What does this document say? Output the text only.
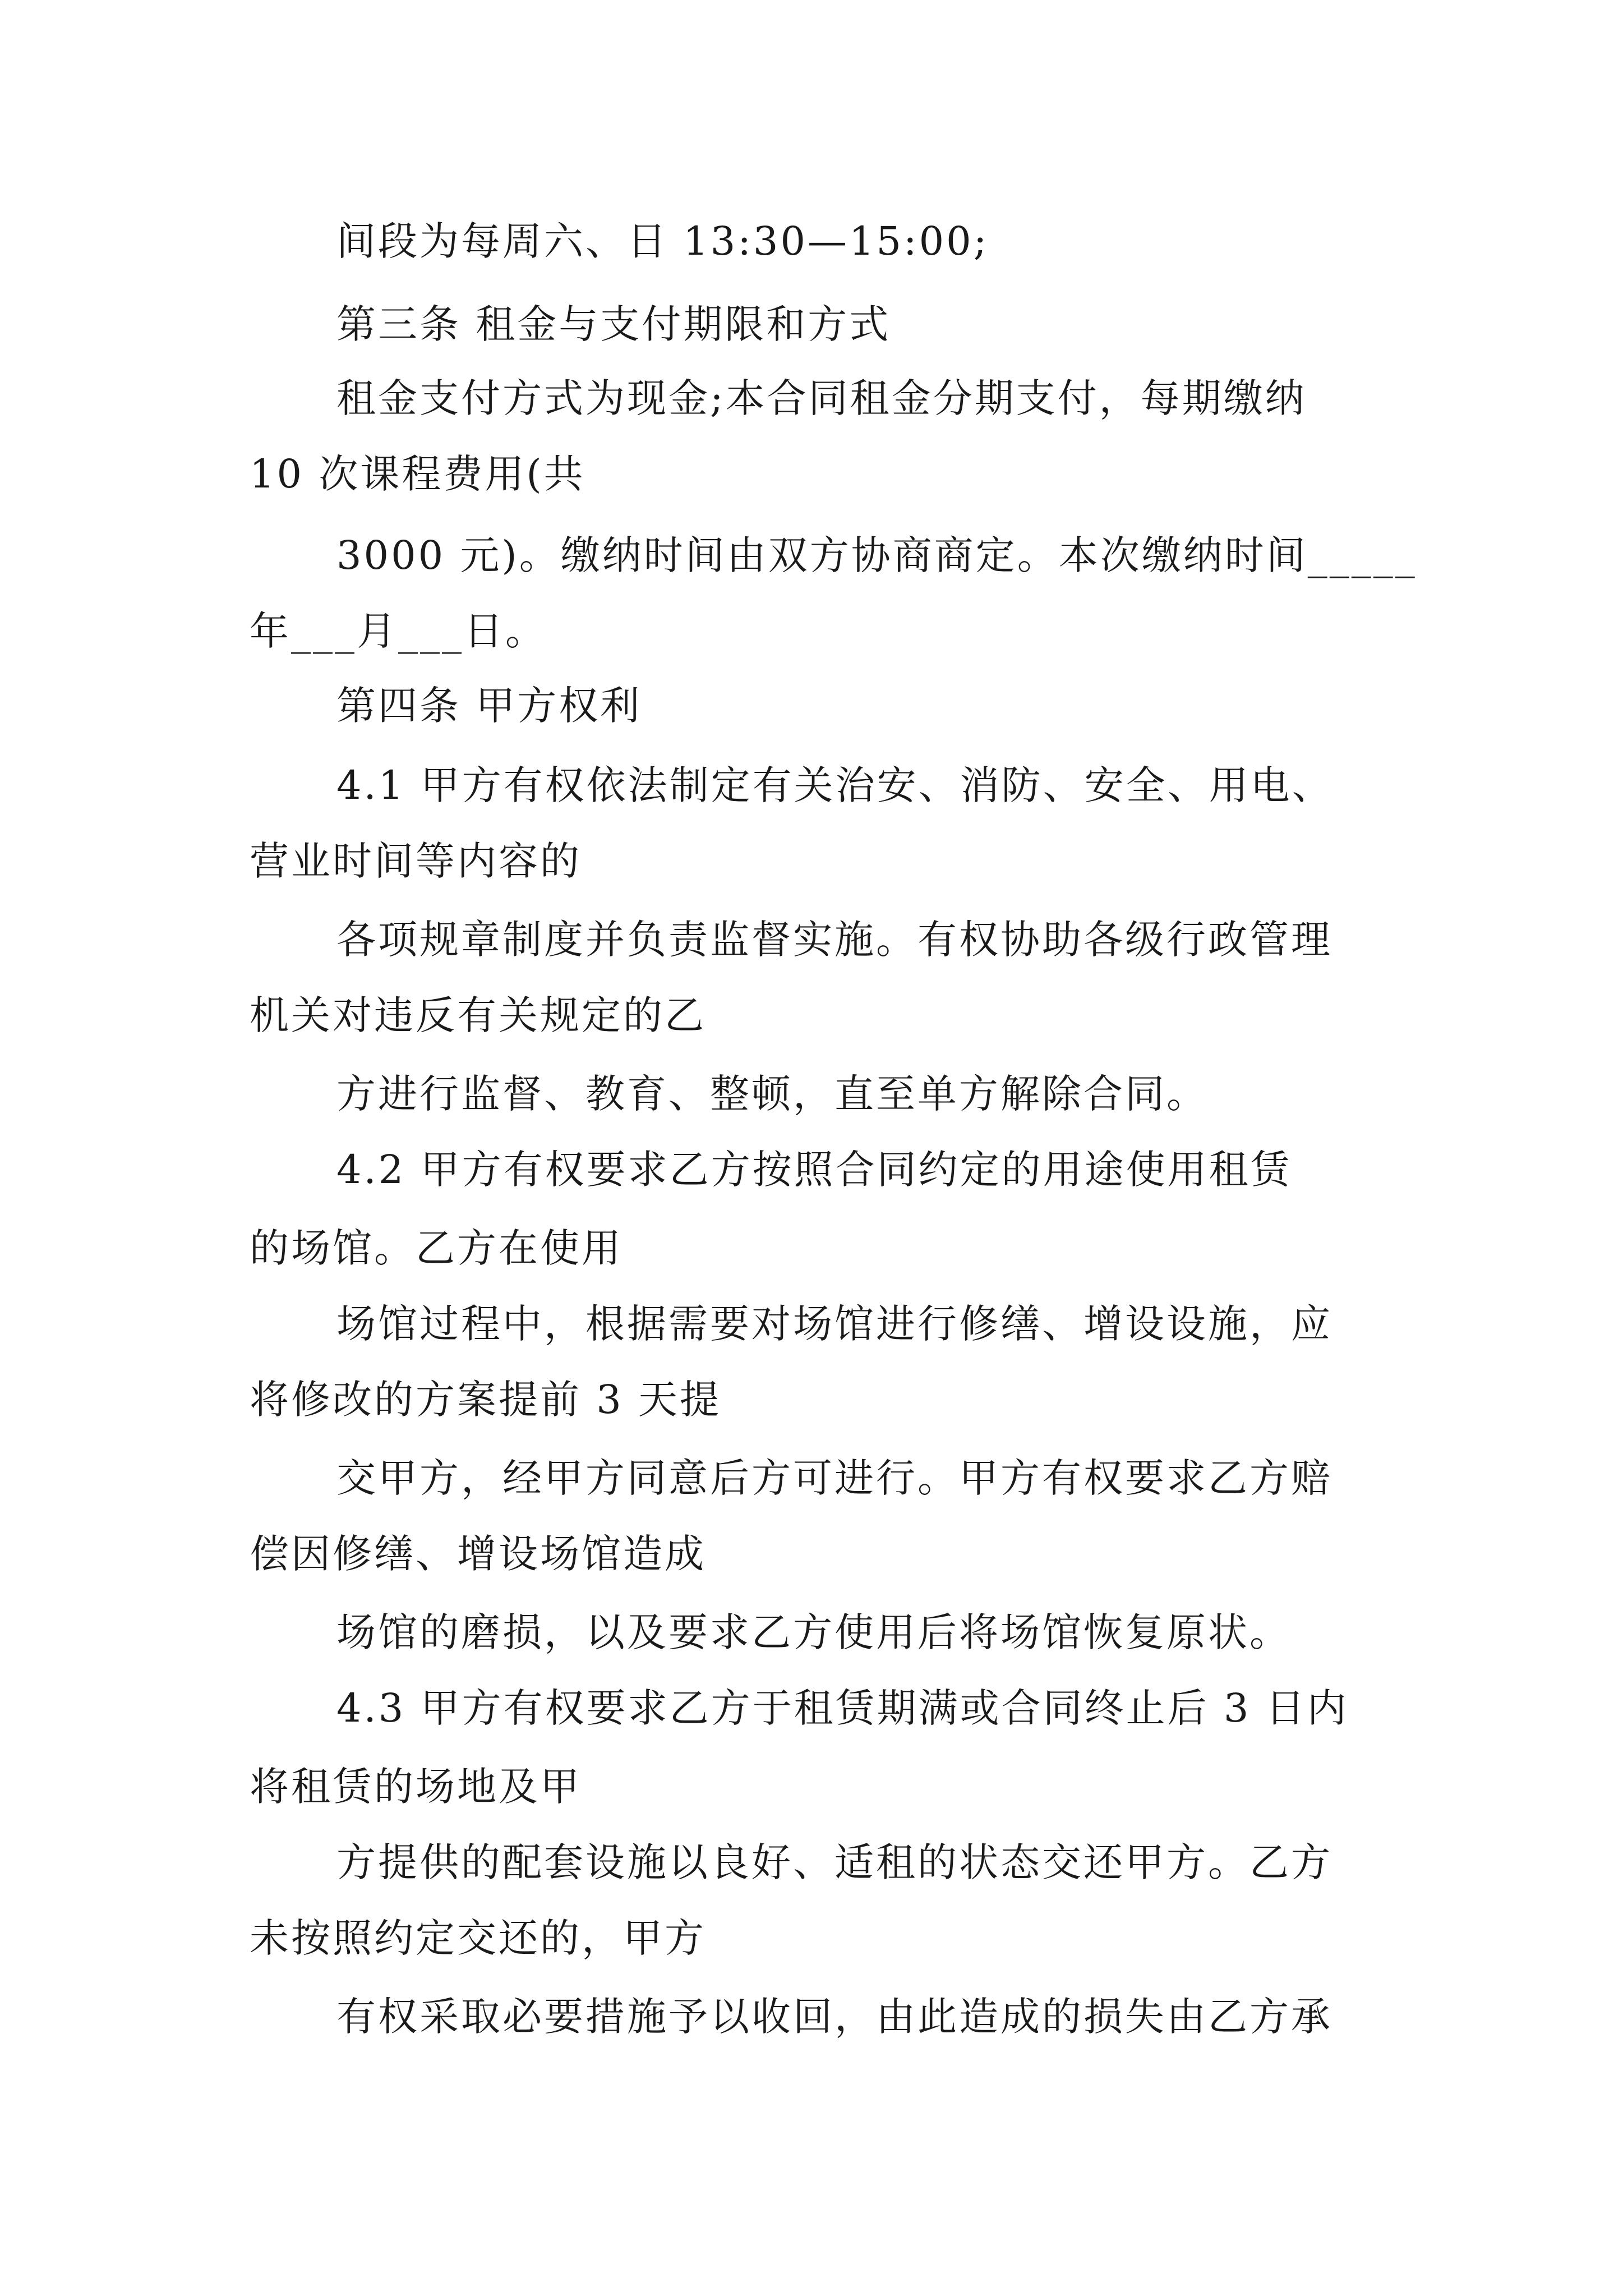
间段为每周六、日 13:30—15:00;
第三条 租金与支付期限和方式
租金支付方式为现金;本合同租金分期支付，每期缴纳
10 次课程费用(共
3000 元)。缴纳时间由双方协商商定。本次缴纳时间_____
年___月___日。
第四条 甲方权利
4.1 甲方有权依法制定有关治安、消防、安全、用电、
营业时间等内容的
各项规章制度并负责监督实施。有权协助各级行政管理
机关对违反有关规定的乙
方进行监督、教育、整顿，直至单方解除合同。
4.2 甲方有权要求乙方按照合同约定的用途使用租赁
的场馆。乙方在使用
场馆过程中，根据需要对场馆进行修缮、增设设施，应
将修改的方案提前 3 天提
交甲方，经甲方同意后方可进行。甲方有权要求乙方赔
偿因修缮、增设场馆造成
场馆的磨损，以及要求乙方使用后将场馆恢复原状。
4.3 甲方有权要求乙方于租赁期满或合同终止后 3 日内
将租赁的场地及甲
方提供的配套设施以良好、适租的状态交还甲方。乙方
未按照约定交还的，甲方
有权采取必要措施予以收回，由此造成的损失由乙方承
